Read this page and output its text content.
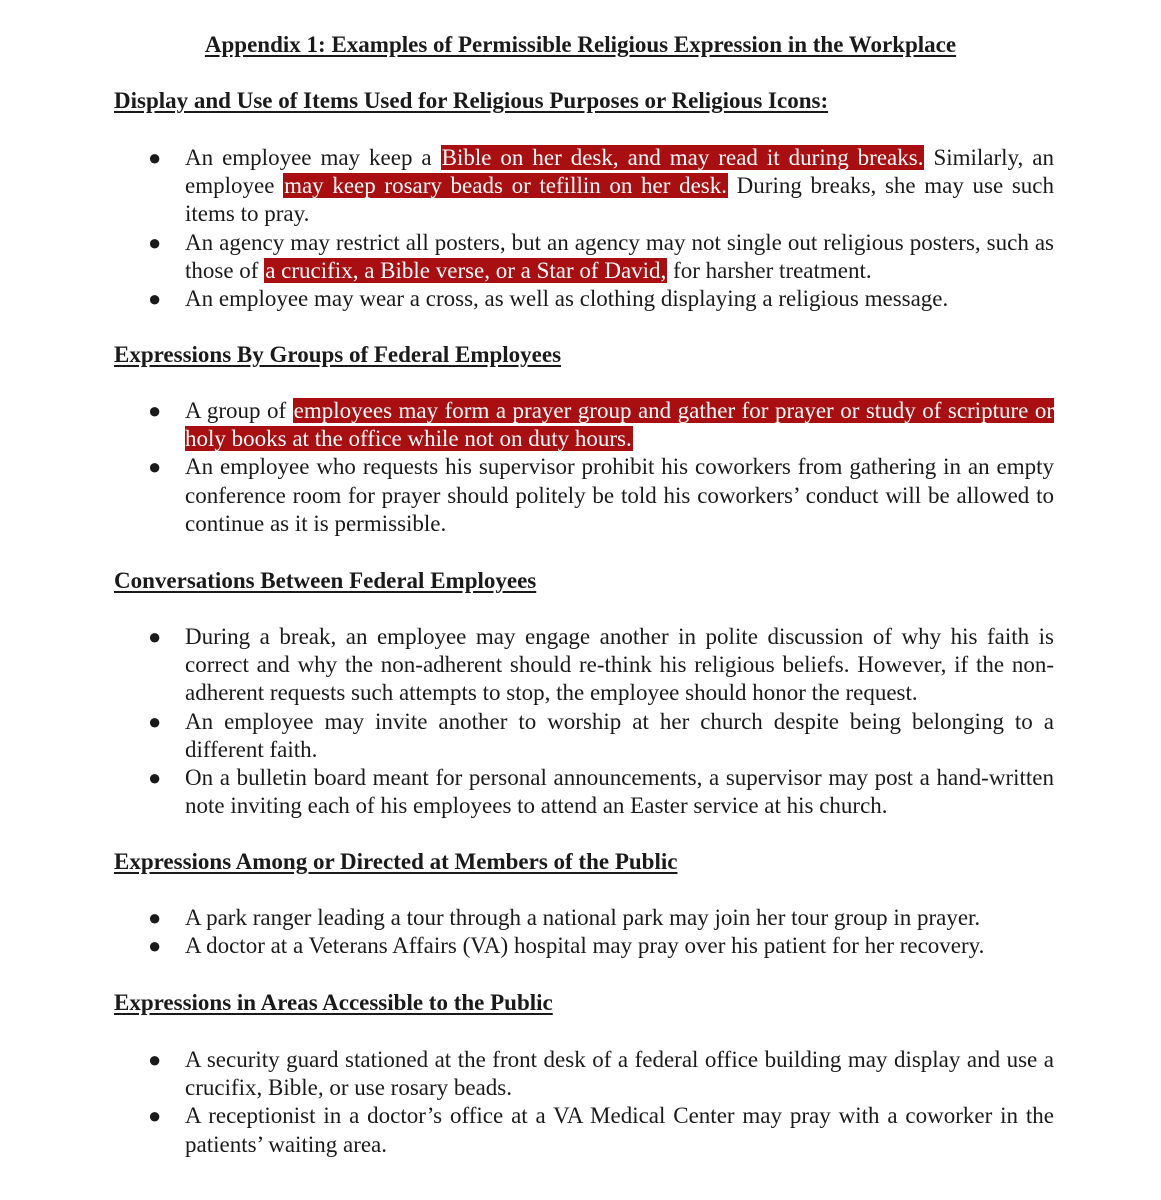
Appendix 1: Examples of Permissible Religious Expression in the Workplace
Display and Use of Items Used for Religious Purposes or Religious Icons:
● An employee may keep a Bible on her desk, and may read it during breaks. Similarly, an employee may keep rosary beads or tefillin on her desk. During breaks, she may use such items to pray.
● An agency may restrict all posters, but an agency may not single out religious posters, such as those of a crucifix, a Bible verse, or a Star of David, for harsher treatment.
● An employee may wear a cross, as well as clothing displaying a religious message.
Expressions By Groups of Federal Employees
● A group of employees may form a prayer group and gather for prayer or study of scripture or holy books at the office while not on duty hours.
● An employee who requests his supervisor prohibit his coworkers from gathering in an empty conference room for prayer should politely be told his coworkers’ conduct will be allowed to continue as it is permissible.
Conversations Between Federal Employees
● During a break, an employee may engage another in polite discussion of why his faith is correct and why the non-adherent should re-think his religious beliefs. However, if the non-adherent requests such attempts to stop, the employee should honor the request.
● An employee may invite another to worship at her church despite being belonging to a different faith.
● On a bulletin board meant for personal announcements, a supervisor may post a hand-written note inviting each of his employees to attend an Easter service at his church.
Expressions Among or Directed at Members of the Public
● A park ranger leading a tour through a national park may join her tour group in prayer.
● A doctor at a Veterans Affairs (VA) hospital may pray over his patient for her recovery.
Expressions in Areas Accessible to the Public
● A security guard stationed at the front desk of a federal office building may display and use a crucifix, Bible, or use rosary beads.
● A receptionist in a doctor’s office at a VA Medical Center may pray with a coworker in the patients’ waiting area.
